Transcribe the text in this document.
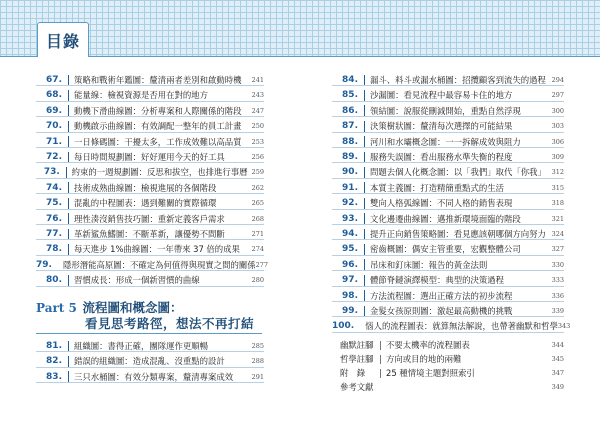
目錄
Part 5 流程圖和概念圖：
看見思考路徑，想法不再打結
67. 策略和戰術年鑑圖：釐清兩者差別和啟動時機	241
68. 能量線：檢視資源是否用在對的地方	243
69. 動機下滑曲線圖：分析專案和人際關係的階段	247
70. 動機啟示曲線圖：有效調配一整年的員工計畫	250
71. 一日條碼圖：干擾太多，工作成效難以高品質	253
72. 每日時間規劃圖：好好運用今天的好工具	256
73. 約束的一週規劃圖：反思和拔空，也排進行事曆 259
74. 技術成熟曲線圖：檢視進展的各個階段	262
75. 混亂的中程圖表：遇到難關的實際循環	265
76. 理性湊沒銷售技巧圖：重新定義客戶需求	268
77. 革新鯊魚鰭圖：不斷革新，讓優勢不間斷	271
78. 每天進步 1%曲線圖：一年帶來 37 倍的成果	274
79. 隱形潛能高原圖：不確定為何值得與現實之間的關係 277
80. 習慣成長：形成一個新習慣的曲線	280
81. 組織圖：書得正確，團隊運作更順暢	285
82. 錯誤的組織圖：造成混亂、沒重點的設計	288
83. 三只水桶圖：有效分類專案，釐清專案成效	291
84. 漏斗、料斗或漏水桶圖：招攬顧客到流失的過程 294
85. 沙漏圖：看見流程中最容易卡住的地方	297
86. 領結圖：說服從刪減開始，重點自然浮現	300
87. 決策樹狀圖：釐清每次選擇的可能結果	303
88. 河川和水壩概念圖：一一拆解成效與阻力	306
89. 服務失誤圖：看出服務水準失衡的程度	309
90. 問題去個人化概念圖：以「我們」取代「你我」 312
91. 本質主義圖：打造精簡重點式的生活	315
92. 雙向人格弧線圖：不同人格的銷售表現	318
93. 文化邊遷曲線圖：邁推新環境面臨的階段	321
94. 提升正向銷售策略圖：看見應該朝哪個方向努力 324
95. 密齒概圖：偶安主管重要，宏觀整體公司	327
96. 吊床和釘床圖：報告的黃金法則	330
97. 體節脊鏈演繹模型：典型的決策過程	333
98. 方法流程圖：選出正確方法的初步流程	336
99. 金髮女孩原則圖：激起最高動機的挑戰	339
100. 惱人的流程圖表：就算無法解說，也帶著幽默和哲學 343
幽默註腳	不要太機率的流程圖表	344
哲學註腳	方向或目的地的兩難	345
附　錄	25 種情境主題對照索引	347
參考文獻	349
